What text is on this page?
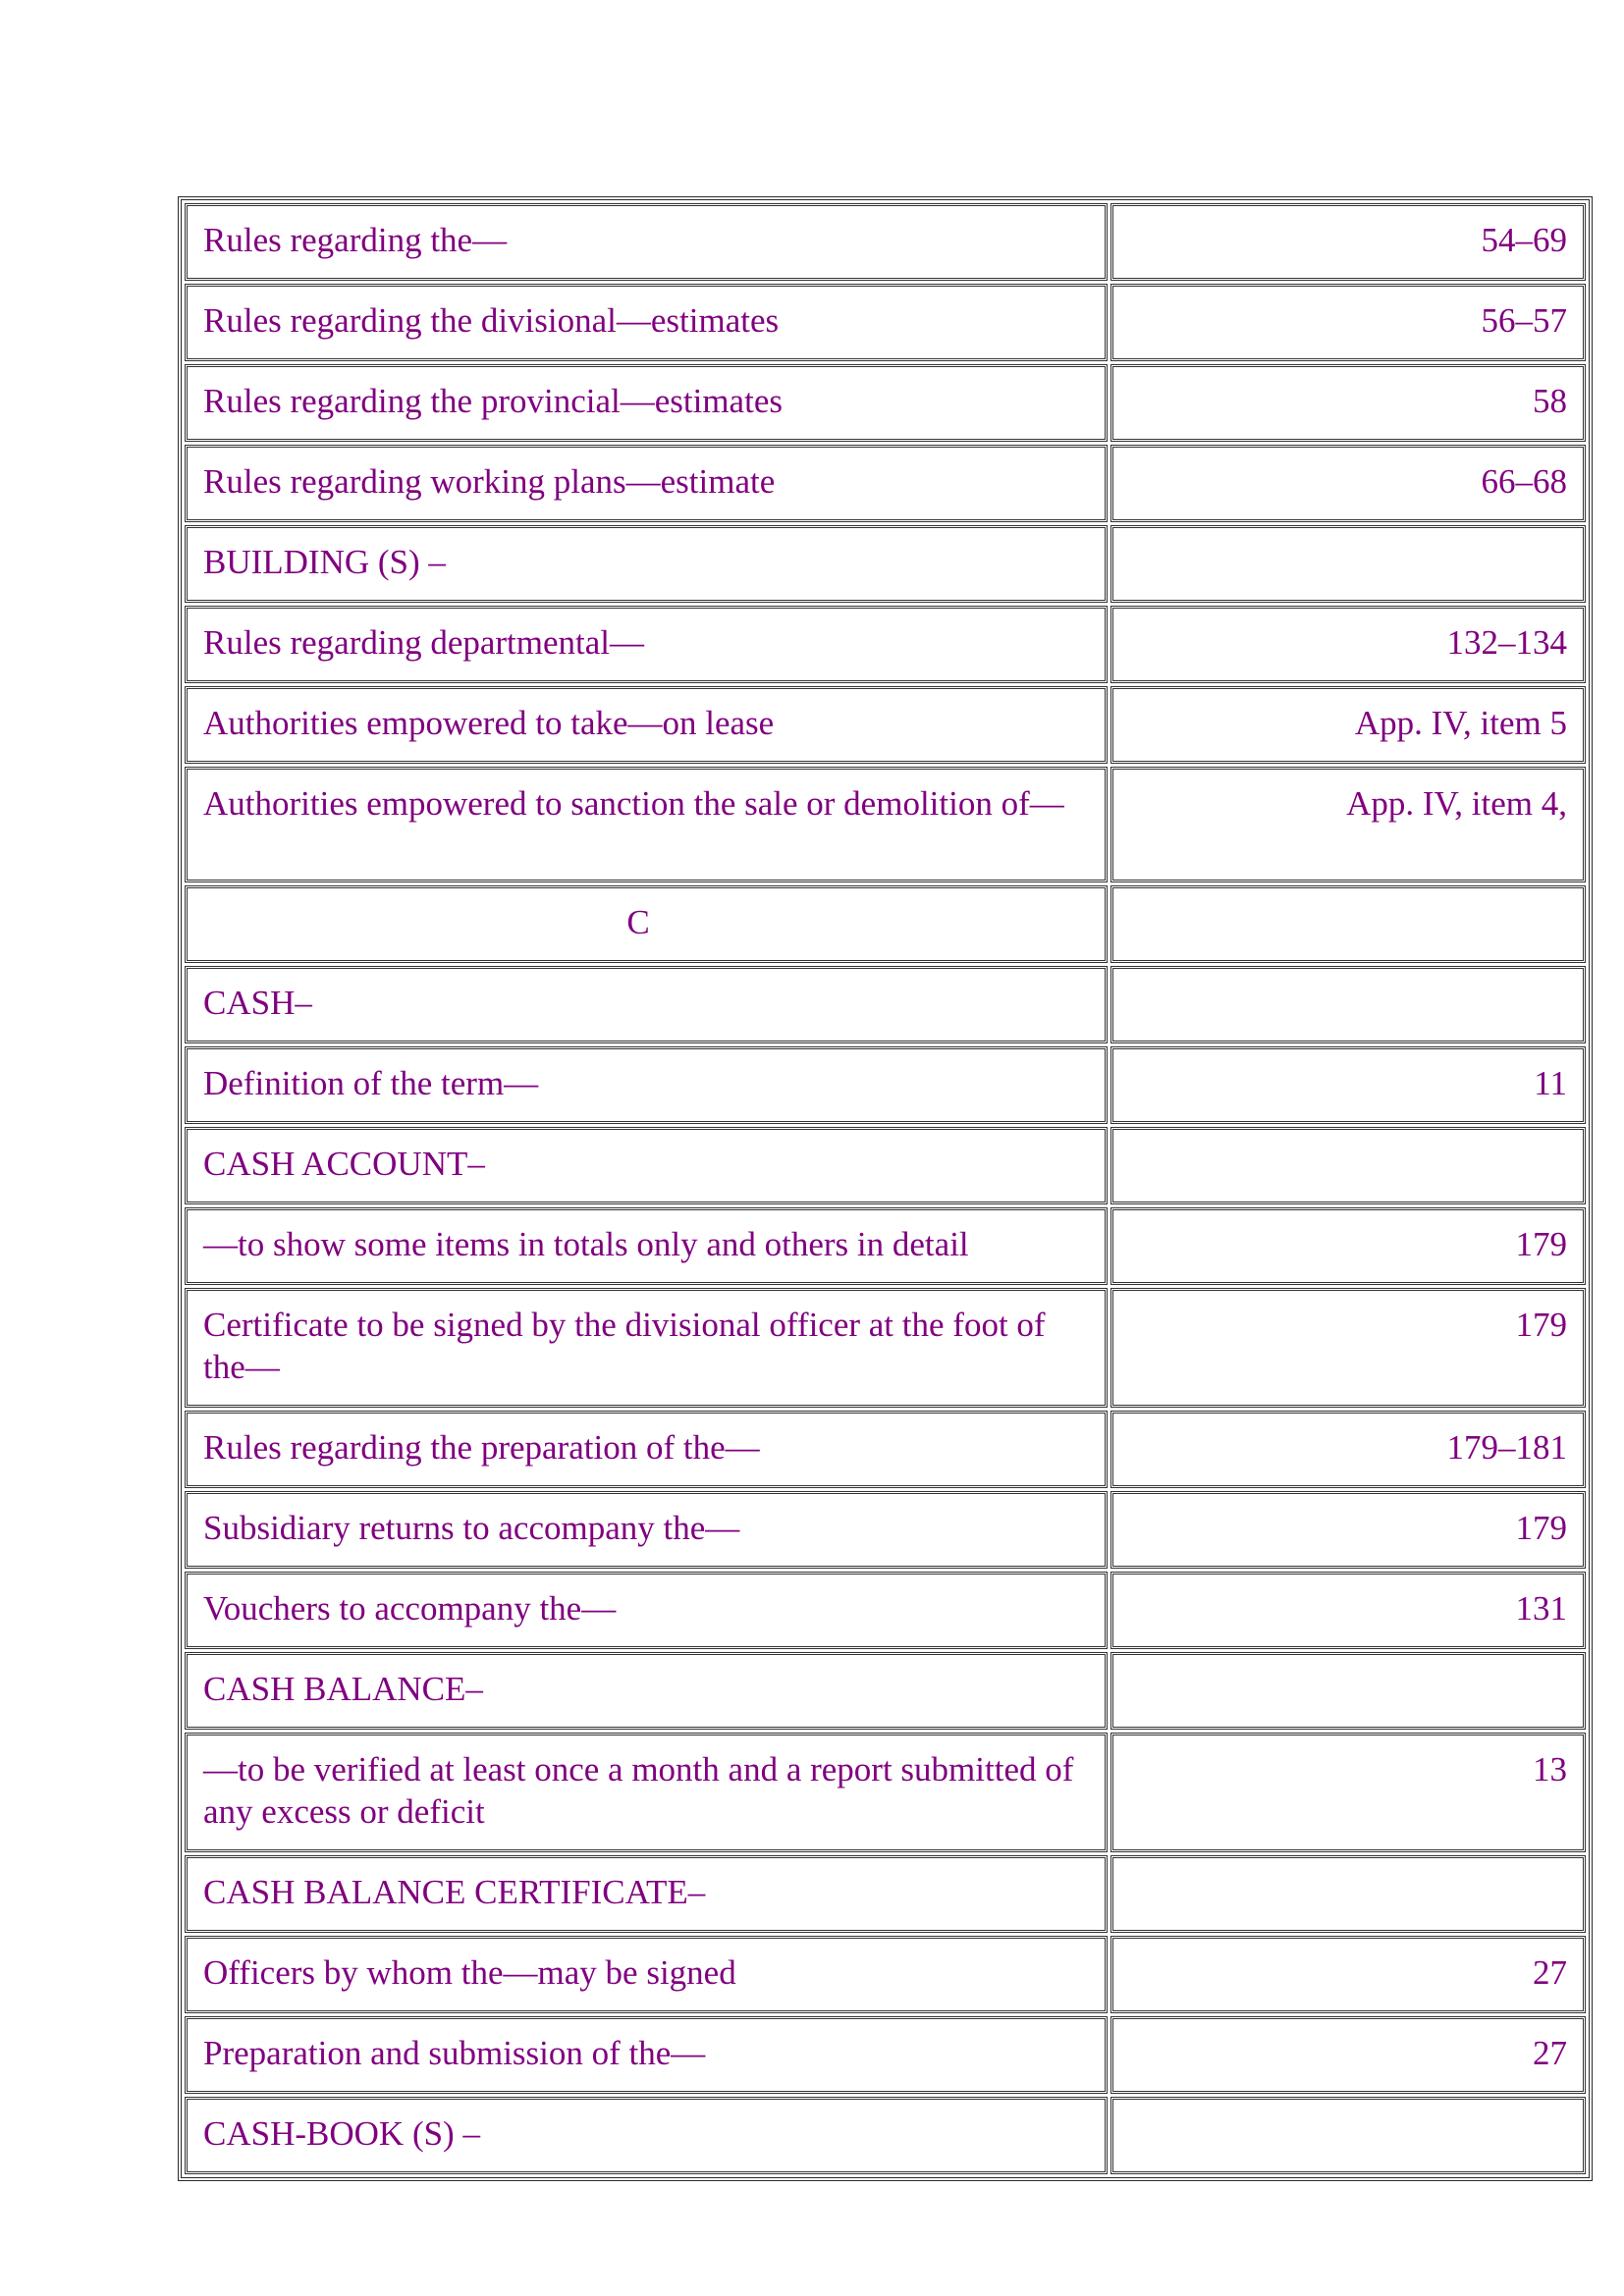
Rules regarding the—	54–69
Rules regarding the divisional—estimates	56–57
Rules regarding the provincial—estimates	58
Rules regarding working plans—estimate	66–68
BUILDING (S) –	
Rules regarding departmental—	132–134
Authorities empowered to take—on lease	App. IV, item 5
Authorities empowered to sanction the sale or demolition of—	App. IV, item 4,
C	
CASH–	
Definition of the term—	11
CASH ACCOUNT–	
—to show some items in totals only and others in detail	179
Certificate to be signed by the divisional officer at the foot of the—	179
Rules regarding the preparation of the—	179–181
Subsidiary returns to accompany the—	179
Vouchers to accompany the—	131
CASH BALANCE–	
—to be verified at least once a month and a report submitted of any excess or deficit	13
CASH BALANCE CERTIFICATE–	
Officers by whom the—may be signed	27
Preparation and submission of the—	27
CASH-BOOK (S) –	
